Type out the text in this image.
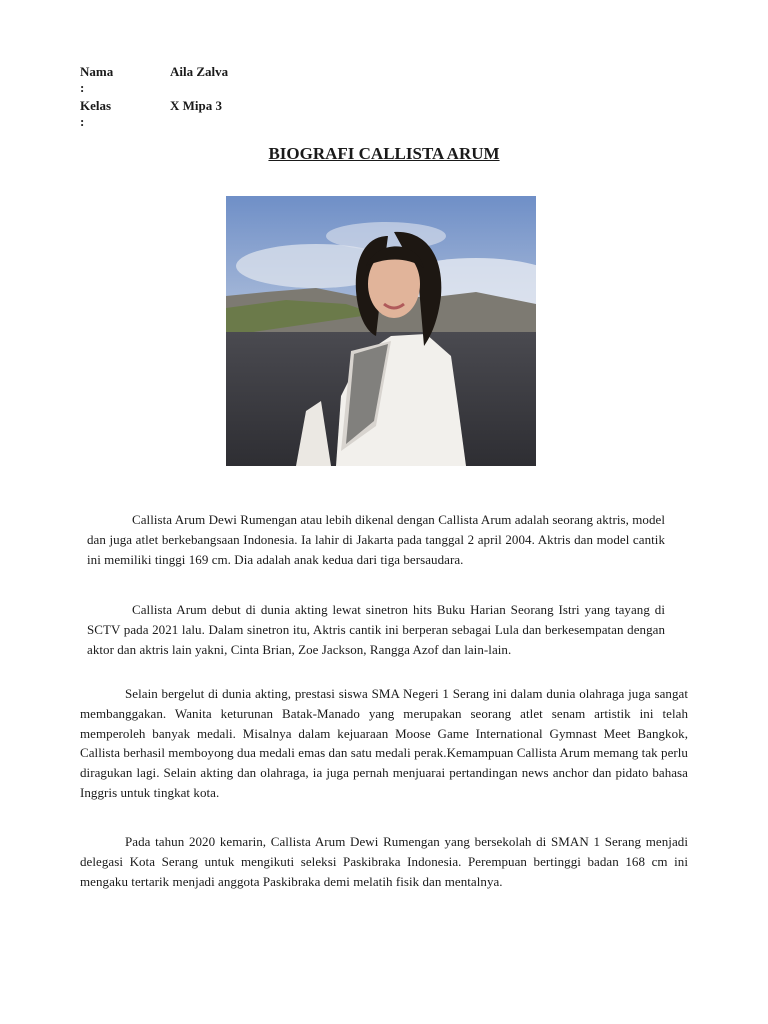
Nama :
Aila Zalva
Kelas :
X Mipa 3
BIOGRAFI CALLISTA ARUM

Callista Arum Dewi Rumengan atau lebih dikenal dengan Callista Arum adalah seorang aktris, model dan juga atlet berkebangsaan Indonesia. Ia lahir di Jakarta pada tanggal 2 april 2004. Aktris dan model cantik ini memiliki tinggi 169 cm. Dia adalah anak kedua dari tiga bersaudara.

Callista Arum debut di dunia akting lewat sinetron hits Buku Harian Seorang Istri yang tayang di SCTV pada 2021 lalu. Dalam sinetron itu, Aktris cantik ini berperan sebagai Lula dan berkesempatan dengan aktor dan aktris lain yakni, Cinta Brian, Zoe Jackson, Rangga Azof dan lain-lain.

Selain bergelut di dunia akting, prestasi siswa SMA Negeri 1 Serang ini dalam dunia olahraga juga sangat membanggakan. Wanita keturunan Batak-Manado yang merupakan seorang atlet senam artistik ini telah memperoleh banyak medali. Misalnya dalam kejuaraan Moose Game International Gymnast Meet Bangkok, Callista berhasil memboyong dua medali emas dan satu medali perak.Kemampuan Callista Arum memang tak perlu diragukan lagi. Selain akting dan olahraga, ia juga pernah menjuarai pertandingan news anchor dan pidato bahasa Inggris untuk tingkat kota.

Pada tahun 2020 kemarin, Callista Arum Dewi Rumengan yang bersekolah di SMAN 1 Serang menjadi delegasi Kota Serang untuk mengikuti seleksi Paskibraka Indonesia. Perempuan bertinggi badan 168 cm ini mengaku tertarik menjadi anggota Paskibraka demi melatih fisik dan mentalnya.
